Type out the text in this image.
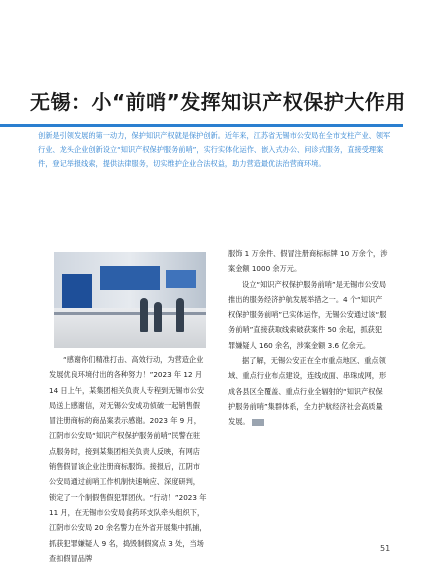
无锡：小“前哨”发挥知识产权保护大作用

创新是引领发展的第一动力，保护知识产权就是保护创新。近年来，江苏省无锡市公安局在全市支柱产业、领军行业、龙头企业创新设立“知识产权保护服务前哨”，实行实体化运作、嵌入式办公、问诊式服务，直接受理案件，登记举报线索，提供法律服务，切实维护企业合法权益，助力营造最优法治营商环境。

“感谢你们精准打击、高效行动，为营造企业发展优良环境付出的各种努力！”2023 年 12 月 14 日上午，某集团相关负责人专程到无锡市公安局送上感谢信，对无锡公安成功侦破一起销售假冒注册商标的商品案表示感谢。2023 年 9 月，江阴市公安局“知识产权保护服务前哨”民警在驻点服务时，接到某集团相关负责人反映，有网店销售假冒该企业注册商标服饰。接报后，江阴市公安局通过前哨工作机制快速响应、深度研判，锁定了一个制假售假犯罪团伙。“行动！”2023 年 11 月，在无锡市公安局食药环支队牵头组织下，江阴市公安局 20 余名警力在外省开展集中抓捕，抓获犯罪嫌疑人 9 名，捣毁制假窝点 3 处，当场查扣假冒品牌

服饰 1 万余件、假冒注册商标标牌 10 万余个，涉案金额 1000 余万元。

设立“知识产权保护服务前哨”是无锡市公安局推出的服务经济护航发展举措之一。4 个“知识产权保护服务前哨”已实体运作，无锡公安通过该“服务前哨”直接获取线索破获案件 50 余起，抓获犯罪嫌疑人 160 余名，涉案金额 3.6 亿余元。

据了解，无锡公安正在全市重点地区、重点领域、重点行业布点建设，连线成面、串珠成网，形成各县区全覆盖、重点行业全辐射的“知识产权保护服务前哨”集群体系，全力护航经济社会高质量发展。

51
